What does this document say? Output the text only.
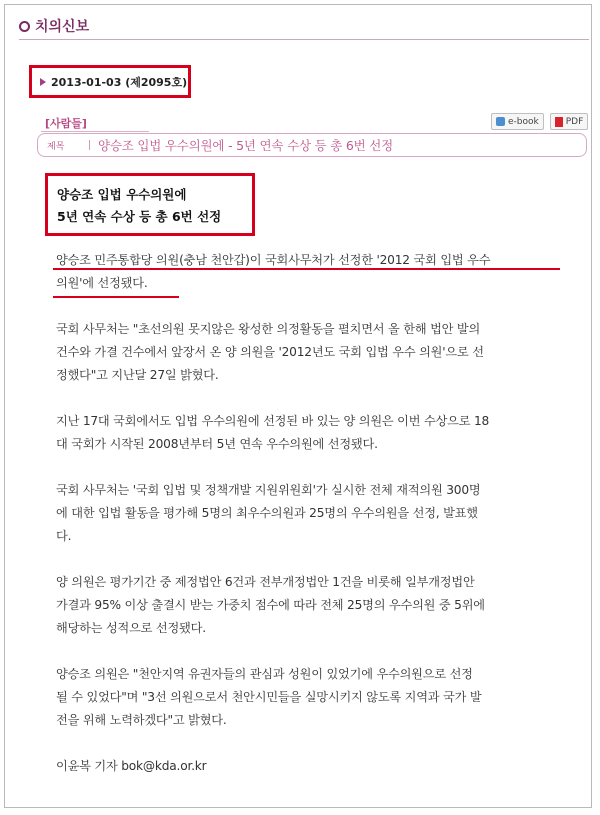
치의신보
2013-01-03 (제2095호)
[사람들]	e-book	PDF
제목	양승조 입법 우수의원에 - 5년 연속 수상 등 총 6번 선정
양승조 입법 우수의원에
5년 연속 수상 등 총 6번 선정

양승조 민주통합당 의원(충남 천안갑)이 국회사무처가 선정한 '2012 국회 입법 우수
의원'에 선정됐다.

국회 사무처는 "초선의원 못지않은 왕성한 의정활동을 펼치면서 올 한해 법안 발의
건수와 가결 건수에서 앞장서 온 양 의원을 '2012년도 국회 입법 우수 의원'으로 선
정했다"고 지난달 27일 밝혔다.

지난 17대 국회에서도 입법 우수의원에 선정된 바 있는 양 의원은 이번 수상으로 18
대 국회가 시작된 2008년부터 5년 연속 우수의원에 선정됐다.

국회 사무처는 '국회 입법 및 정책개발 지원위원회'가 실시한 전체 재적의원 300명
에 대한 입법 활동을 평가해 5명의 최우수의원과 25명의 우수의원을 선정, 발표했
다.

양 의원은 평가기간 중 제정법안 6건과 전부개정법안 1건을 비롯해 일부개정법안
가결과 95% 이상 출결시 받는 가중치 점수에 따라 전체 25명의 우수의원 중 5위에
해당하는 성적으로 선정됐다.

양승조 의원은 "천안지역 유권자들의 관심과 성원이 있었기에 우수의원으로 선정
될 수 있었다"며 "3선 의원으로서 천안시민들을 실망시키지 않도록 지역과 국가 발
전을 위해 노력하겠다"고 밝혔다.

이윤복 기자 bok@kda.or.kr
